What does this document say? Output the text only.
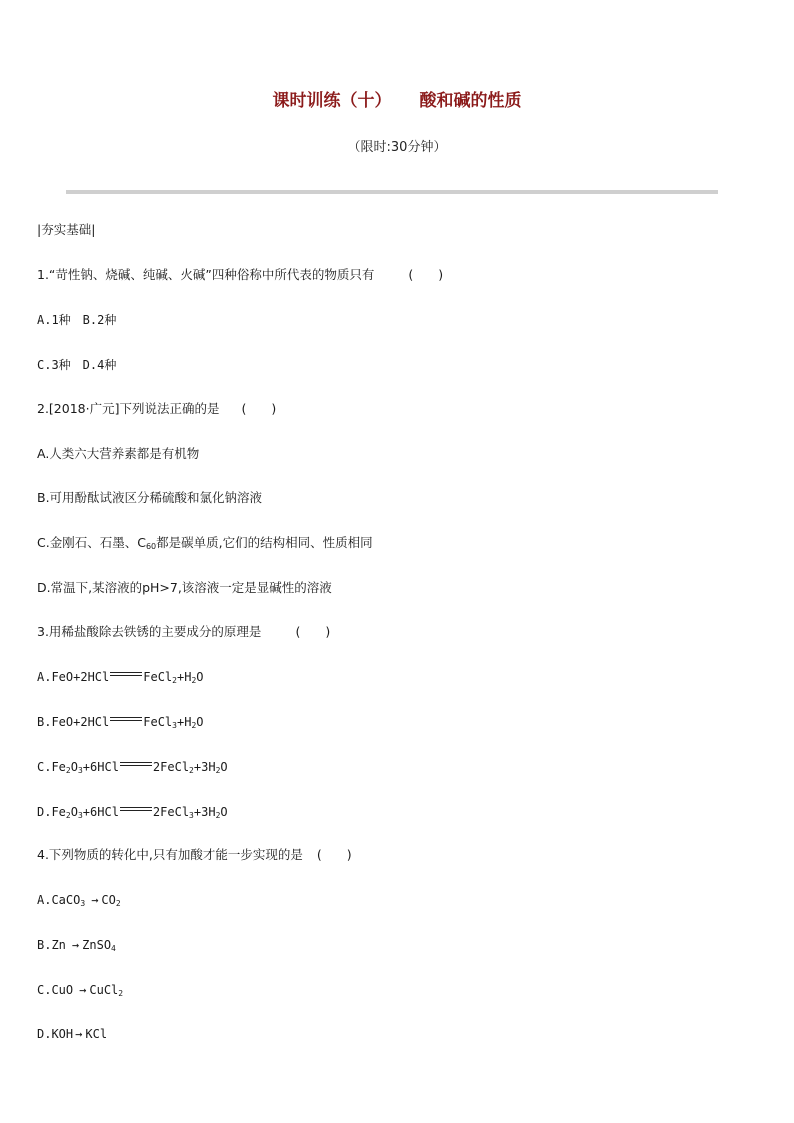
课时训练（十） 酸和碱的性质
（限时:30分钟）
|夯实基础|
1.“苛性钠、烧碱、纯碱、火碱”四种俗称中所代表的物质只有	(　　)
A.1种　B.2种
C.3种　D.4种
2.[2018·广元]下列说法正确的是 (　　)
A.人类六大营养素都是有机物
B.可用酚酞试液区分稀硫酸和氯化钠溶液
C.金刚石、石墨、$C_{60}$都是碳单质,它们的结构相同、性质相同
D.常温下,某溶液的pH>7,该溶液一定是显碱性的溶液
3.用稀盐酸除去铁锈的主要成分的原理是	(　　)
A.FeO+2HCl	$FeCl_2+H_2O$
B.FeO+2HCl	$FeCl_3+H_2O$
$C.Fe_2O_3+6HCl$	$2FeCl_2+3H_2O$
$D.Fe_2O_3+6HCl$	$2FeCl_3+3H_2O$
4.下列物质的转化中,只有加酸才能一步实现的是 (　　)
A.CaCO$_3$ → $CO_2$
B.Zn → ZnSO$_4$
C.CuO → CuCl$_2$
D.KOH → KCl
